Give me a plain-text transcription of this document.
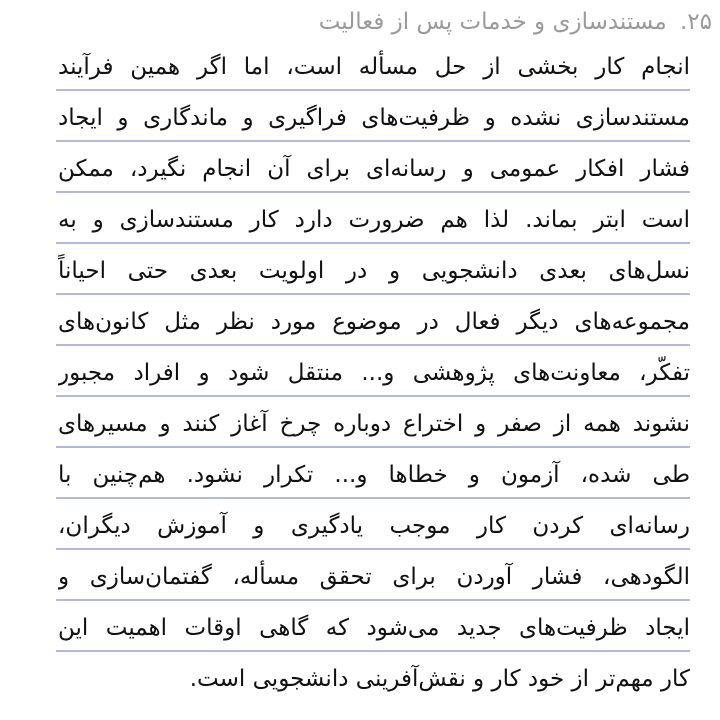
۲۵. مستندسازی و خدمات پس از فعالیت
انجام کار بخشی از حل مسأله است، اما اگر همین فرآیند
مستندسازی نشده و ظرفیت‌های فراگیری و ماندگاری و ایجاد
فشار افکار عمومی و رسانه‌ای برای آن انجام نگیرد، ممکن
است ابتر بماند. لذا هم ضرورت دارد کار مستندسازی و به
نسل‌های بعدی دانشجویی و در اولویت بعدی حتی احیاناً
مجموعه‌های دیگر فعال در موضوع مورد نظر مثل کانون‌های
تفکّر، معاونت‌های پژوهشی و... منتقل شود و افراد مجبور
نشوند همه از صفر و اختراع دوباره چرخ آغاز کنند و مسیرهای
طی شده، آزمون و خطاها و... تکرار نشود. هم‌چنین با
رسانه‌ای کردن کار موجب یادگیری و آموزش دیگران،
الگودهی، فشار آوردن برای تحقق مسأله، گفتمان‌سازی و
ایجاد ظرفیت‌های جدید می‌شود که گاهی اوقات اهمیت این
کار مهم‌تر از خود کار و نقش‌آفرینی دانشجویی است.
